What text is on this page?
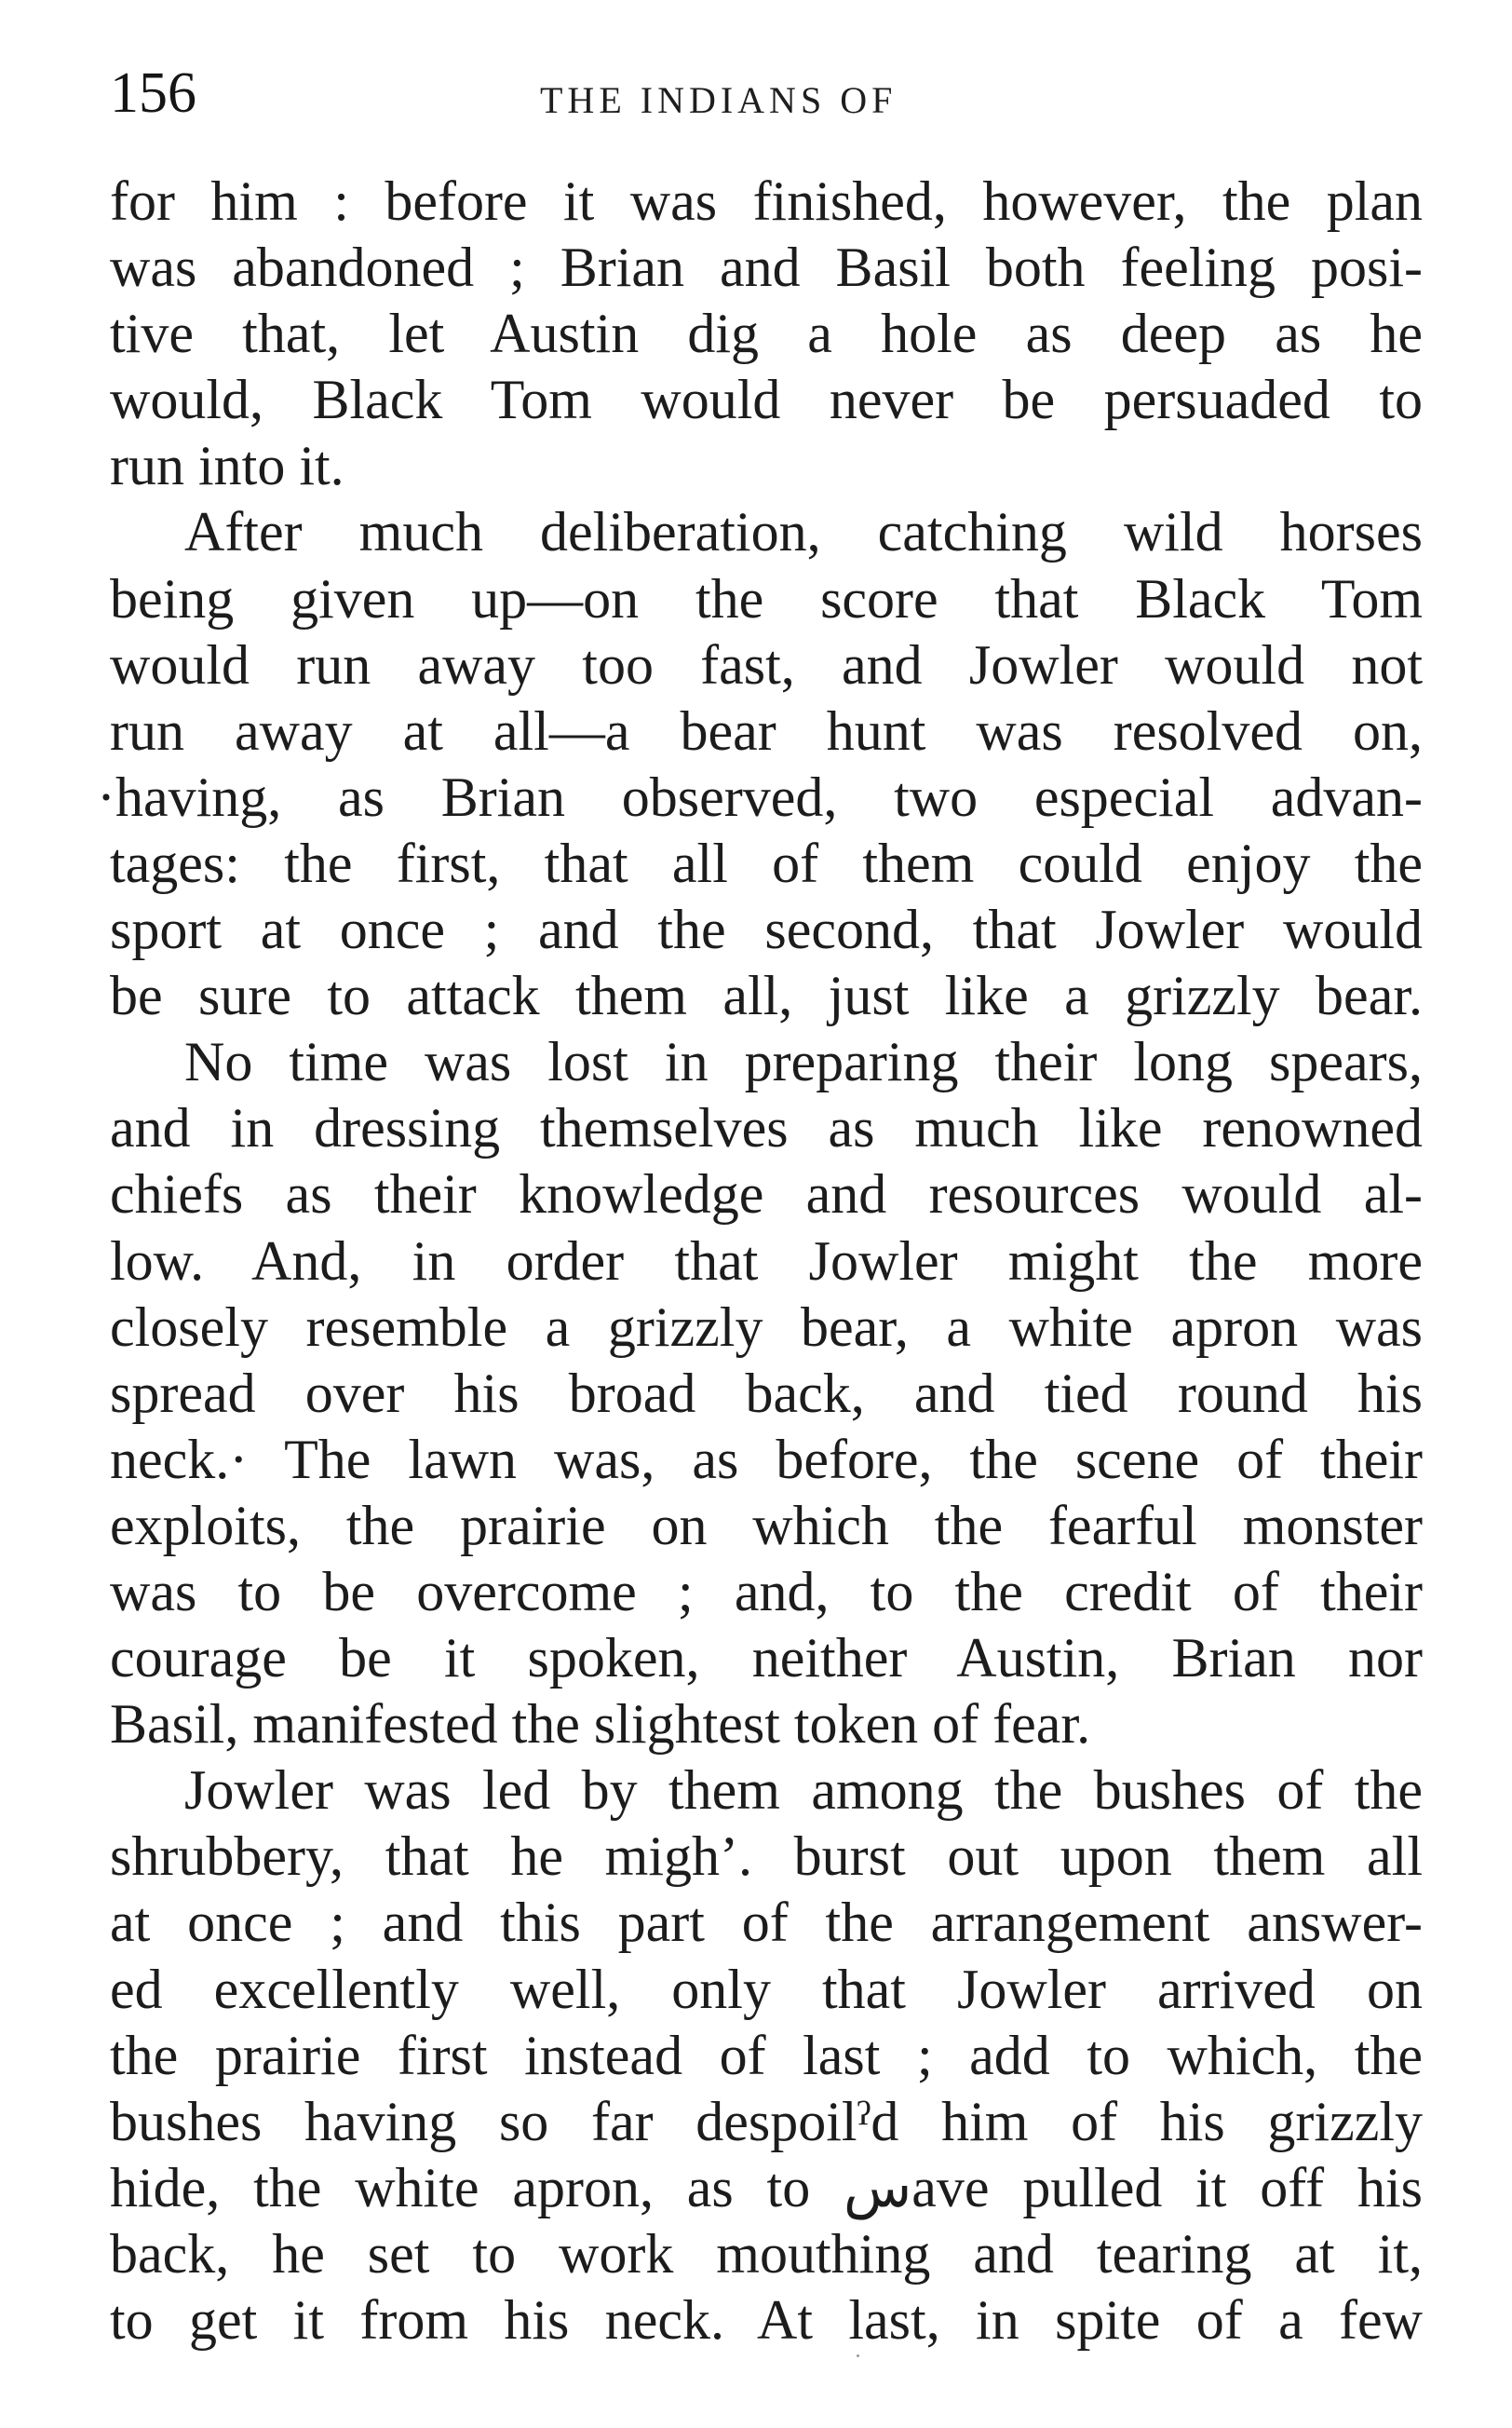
156	THE INDIANS OF
for him : before it was finished, however, the plan
was abandoned ; Brian and Basil both feeling posi-
tive that, let Austin dig a hole as deep as he
would, Black Tom would never be persuaded to
run into it.
After much deliberation, catching wild horses
being given up—on the score that Black Tom
would run away too fast, and Jowler would not
run away at all—a bear hunt was resolved on,
·having, as Brian observed, two especial advan-
tages: the first, that all of them could enjoy the
sport at once ; and the second, that Jowler would
be sure to attack them all, just like a grizzly bear.
No time was lost in preparing their long spears,
and in dressing themselves as much like renowned
chiefs as their knowledge and resources would al-
low. And, in order that Jowler might the more
closely resemble a grizzly bear, a white apron was
spread over his broad back, and tied round his
neck.· The lawn was, as before, the scene of their
exploits, the prairie on which the fearful monster
was to be overcome ; and, to the credit of their
courage be it spoken, neither Austin, Brian nor
Basil, manifested the slightest token of fear.
Jowler was led by them among the bushes of the
shrubbery, that he mighʼ. burst out upon them all
at once ; and this part of the arrangement answer-
ed excellently well, only that Jowler arrived on
the prairie first instead of last ; add to which, the
bushes having so far despoilˀd him of his grizzly
hide, the white apron, as to سave pulled it off his
back, he set to work mouthing and tearing at it,
to get it from his neck. At last, in spite of a few
